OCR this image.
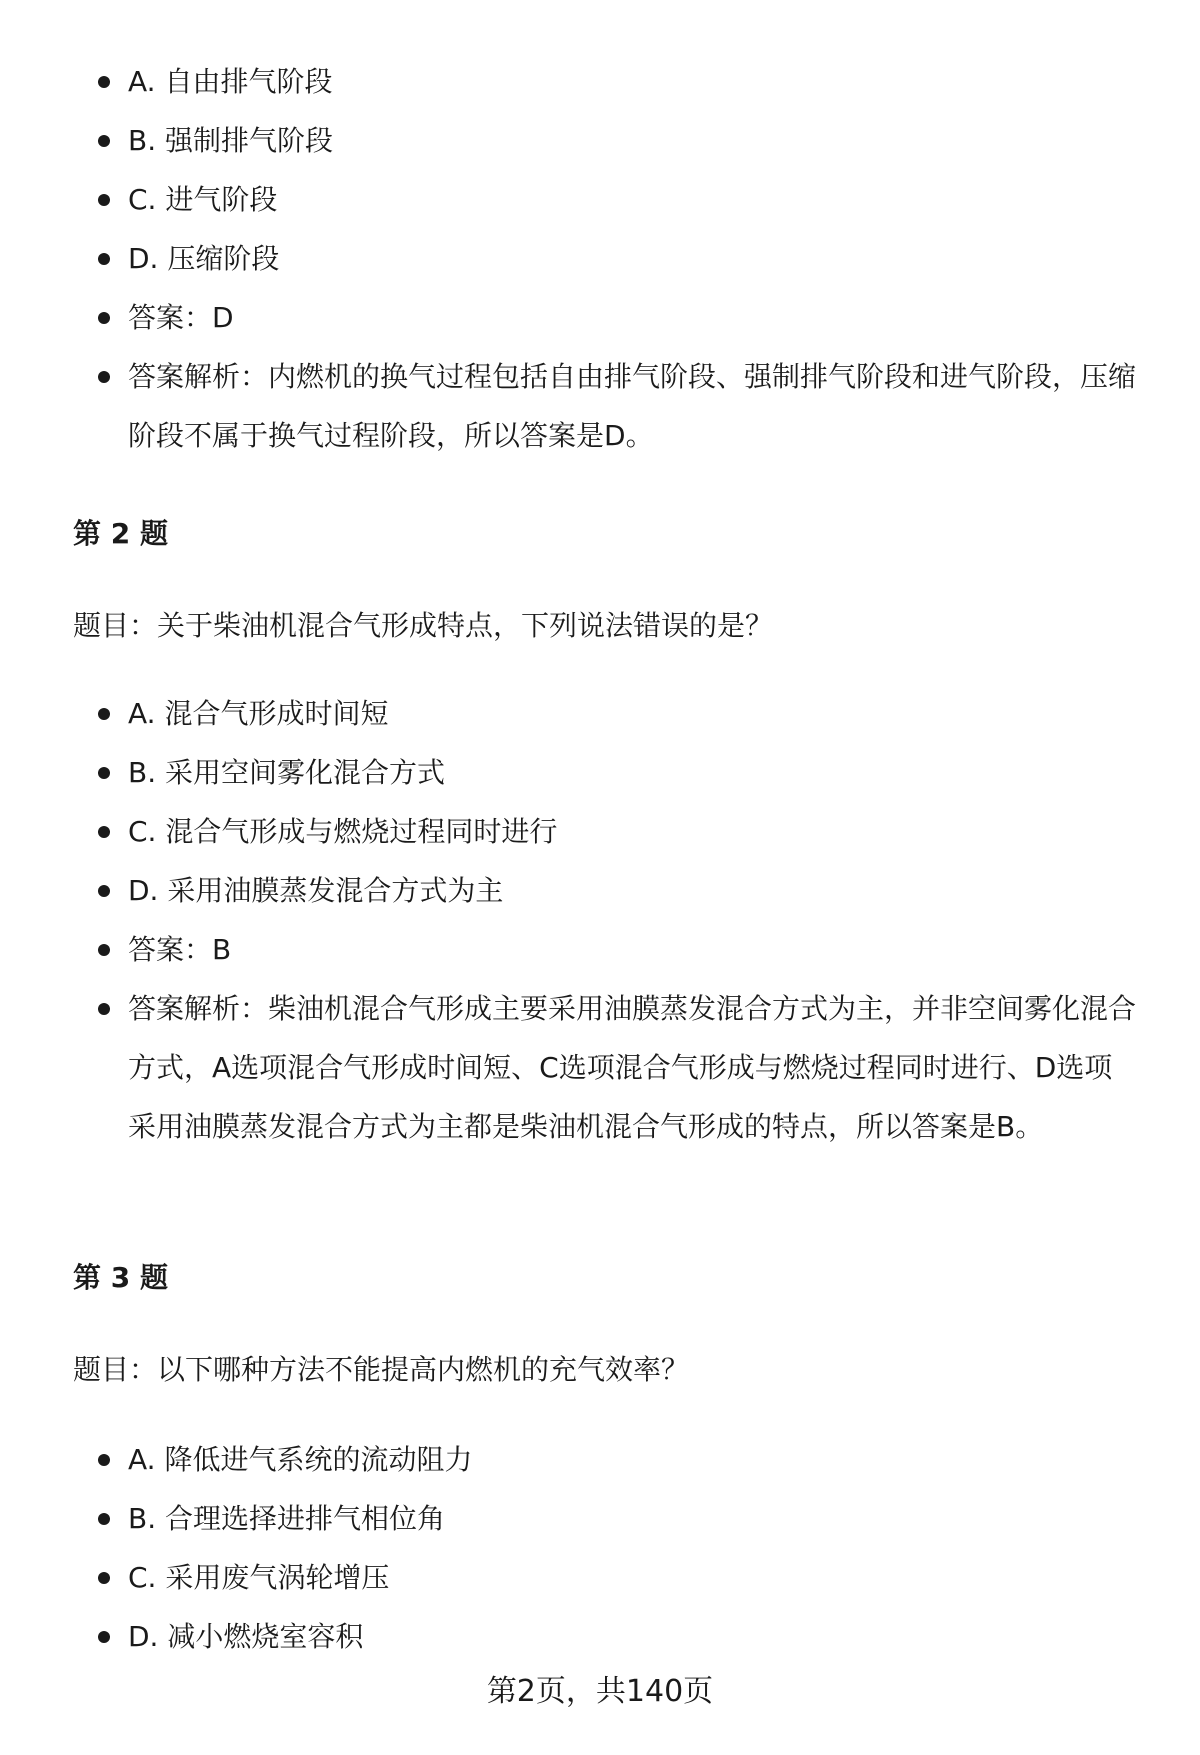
A. 自由排气阶段
B. 强制排气阶段
C. 进气阶段
D. 压缩阶段
答案：D
答案解析：内燃机的换气过程包括自由排气阶段、强制排气阶段和进气阶段，压缩阶段不属于换气过程阶段，所以答案是D。
第 2 题

题目：关于柴油机混合气形成特点，下列说法错误的是？

A. 混合气形成时间短
B. 采用空间雾化混合方式
C. 混合气形成与燃烧过程同时进行
D. 采用油膜蒸发混合方式为主
答案：B
答案解析：柴油机混合气形成主要采用油膜蒸发混合方式为主，并非空间雾化混合方式，A选项混合气形成时间短、C选项混合气形成与燃烧过程同时进行、D选项采用油膜蒸发混合方式为主都是柴油机混合气形成的特点，所以答案是B。
第 3 题

题目：以下哪种方法不能提高内燃机的充气效率？

A. 降低进气系统的流动阻力
B. 合理选择进排气相位角
C. 采用废气涡轮增压
D. 减小燃烧室容积
第2页，共140页
